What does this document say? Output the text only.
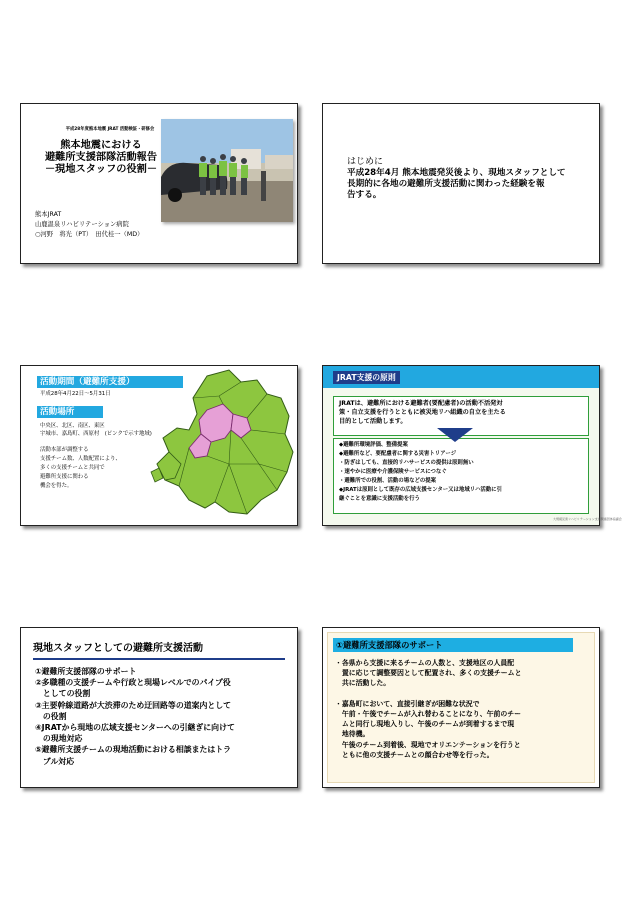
平成28年度熊本地震 JRAT 活動検証・研修会
熊本地震における
避難所支援部隊活動報告
－現地スタッフの役割－
熊本JRAT
山鹿温泉リハビリテーション病院
○河野　将光（PT）　田代桂一（MD）
はじめに
平成28年4月 熊本地震発災後より、現地スタッフとして
長期的に各地の避難所支援活動に関わった経験を報
告する。
活動期間（避難所支援）
平成28年4月22日～5月31日
活動場所
中央区、北区、南区、東区
宇城市、嘉島町、西原村　(ピンクで示す地域)
活動本部が調整する
支援チーム数、人数配置により、
多くの支援チームと共同で
避難所支援に関わる
機会を得た。
JRAT支援の原則
JRATは、避難所における避難者(要配慮者)の活動不活発対
策・自立支援を行うとともに被災地リハ組織の自立を主たる
目的として活動します。
◆避難所環境評価、整備提案
◆避難所など、要配慮者に関する災害トリアージ
・防ぎはしても、直接的リハサービスの提供は原則無い
・速やかに医療や介護保険サービスにつなぐ
・避難所での役割、活動の場などの提案
◆JRATは原則として既存の広域支援センター又は地域リハ活動に引
継ぐことを意識に支援活動を行う
大規模災害リハビリテーション支援関連団体協議会
現地スタッフとしての避難所支援活動
①避難所支援部隊のサポート
②多職種の支援チームや行政と現場レベルでのパイプ役
　としての役割
③主要幹線道路が大渋滞のため迂回路等の道案内として
　の役割
④JRATから現地の広域支援センターへの引継ぎに向けて
　の現地対応
⑤避難所支援チームの現地活動における相談またはトラ
　ブル対応
①避難所支援部隊のサポート
・各県から支援に来るチームの人数と、支援地区の人員配
　置に応じて調整要因として配置され、多くの支援チームと
　共に活動した。

・嘉島町において、直接引継ぎが困難な状況で
　午前・午後でチームが入れ替わることになり、午前のチー
　ムと同行し現地入りし、午後のチームが到着するまで現
　地待機。
　午後のチーム到着後、現地でオリエンテーションを行うと
　ともに他の支援チームとの顔合わせ等を行った。
